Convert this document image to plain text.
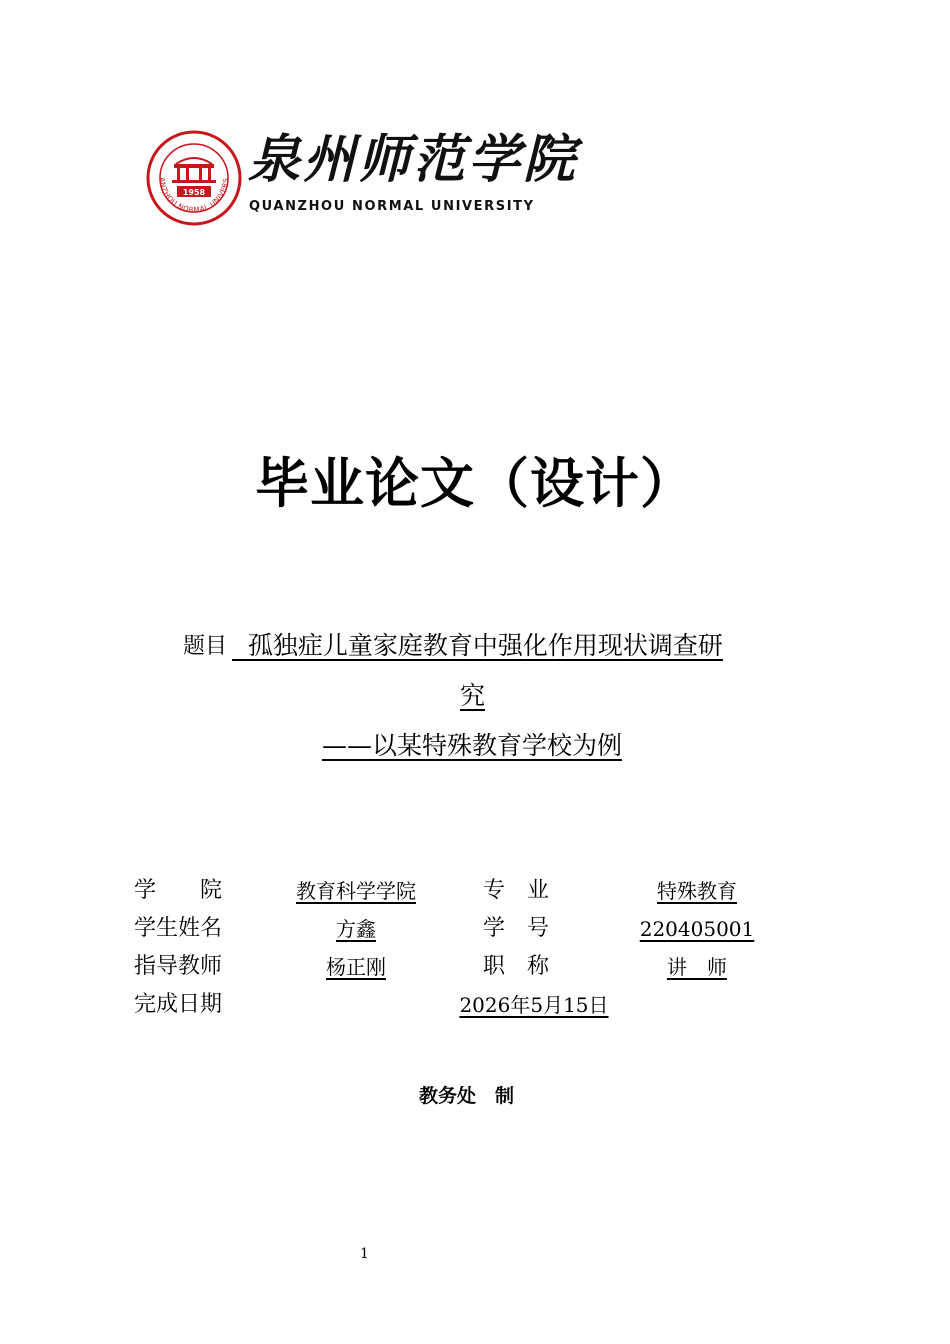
ANZHOU NORMAL UNIVERS
1958
泉州师范学院
QUANZHOU NORMAL UNIVERSITY
毕业论文（设计）
题目 孤独症儿童家庭教育中强化作用现状调查研
究
——以某特殊教育学校为例
学　　院	教育科学学院	专　业	特殊教育
学生姓名	方鑫	学　号	220405001
指导教师	杨正刚	职　称	讲　师
完成日期	2026年5月15日
教务处　制
1
